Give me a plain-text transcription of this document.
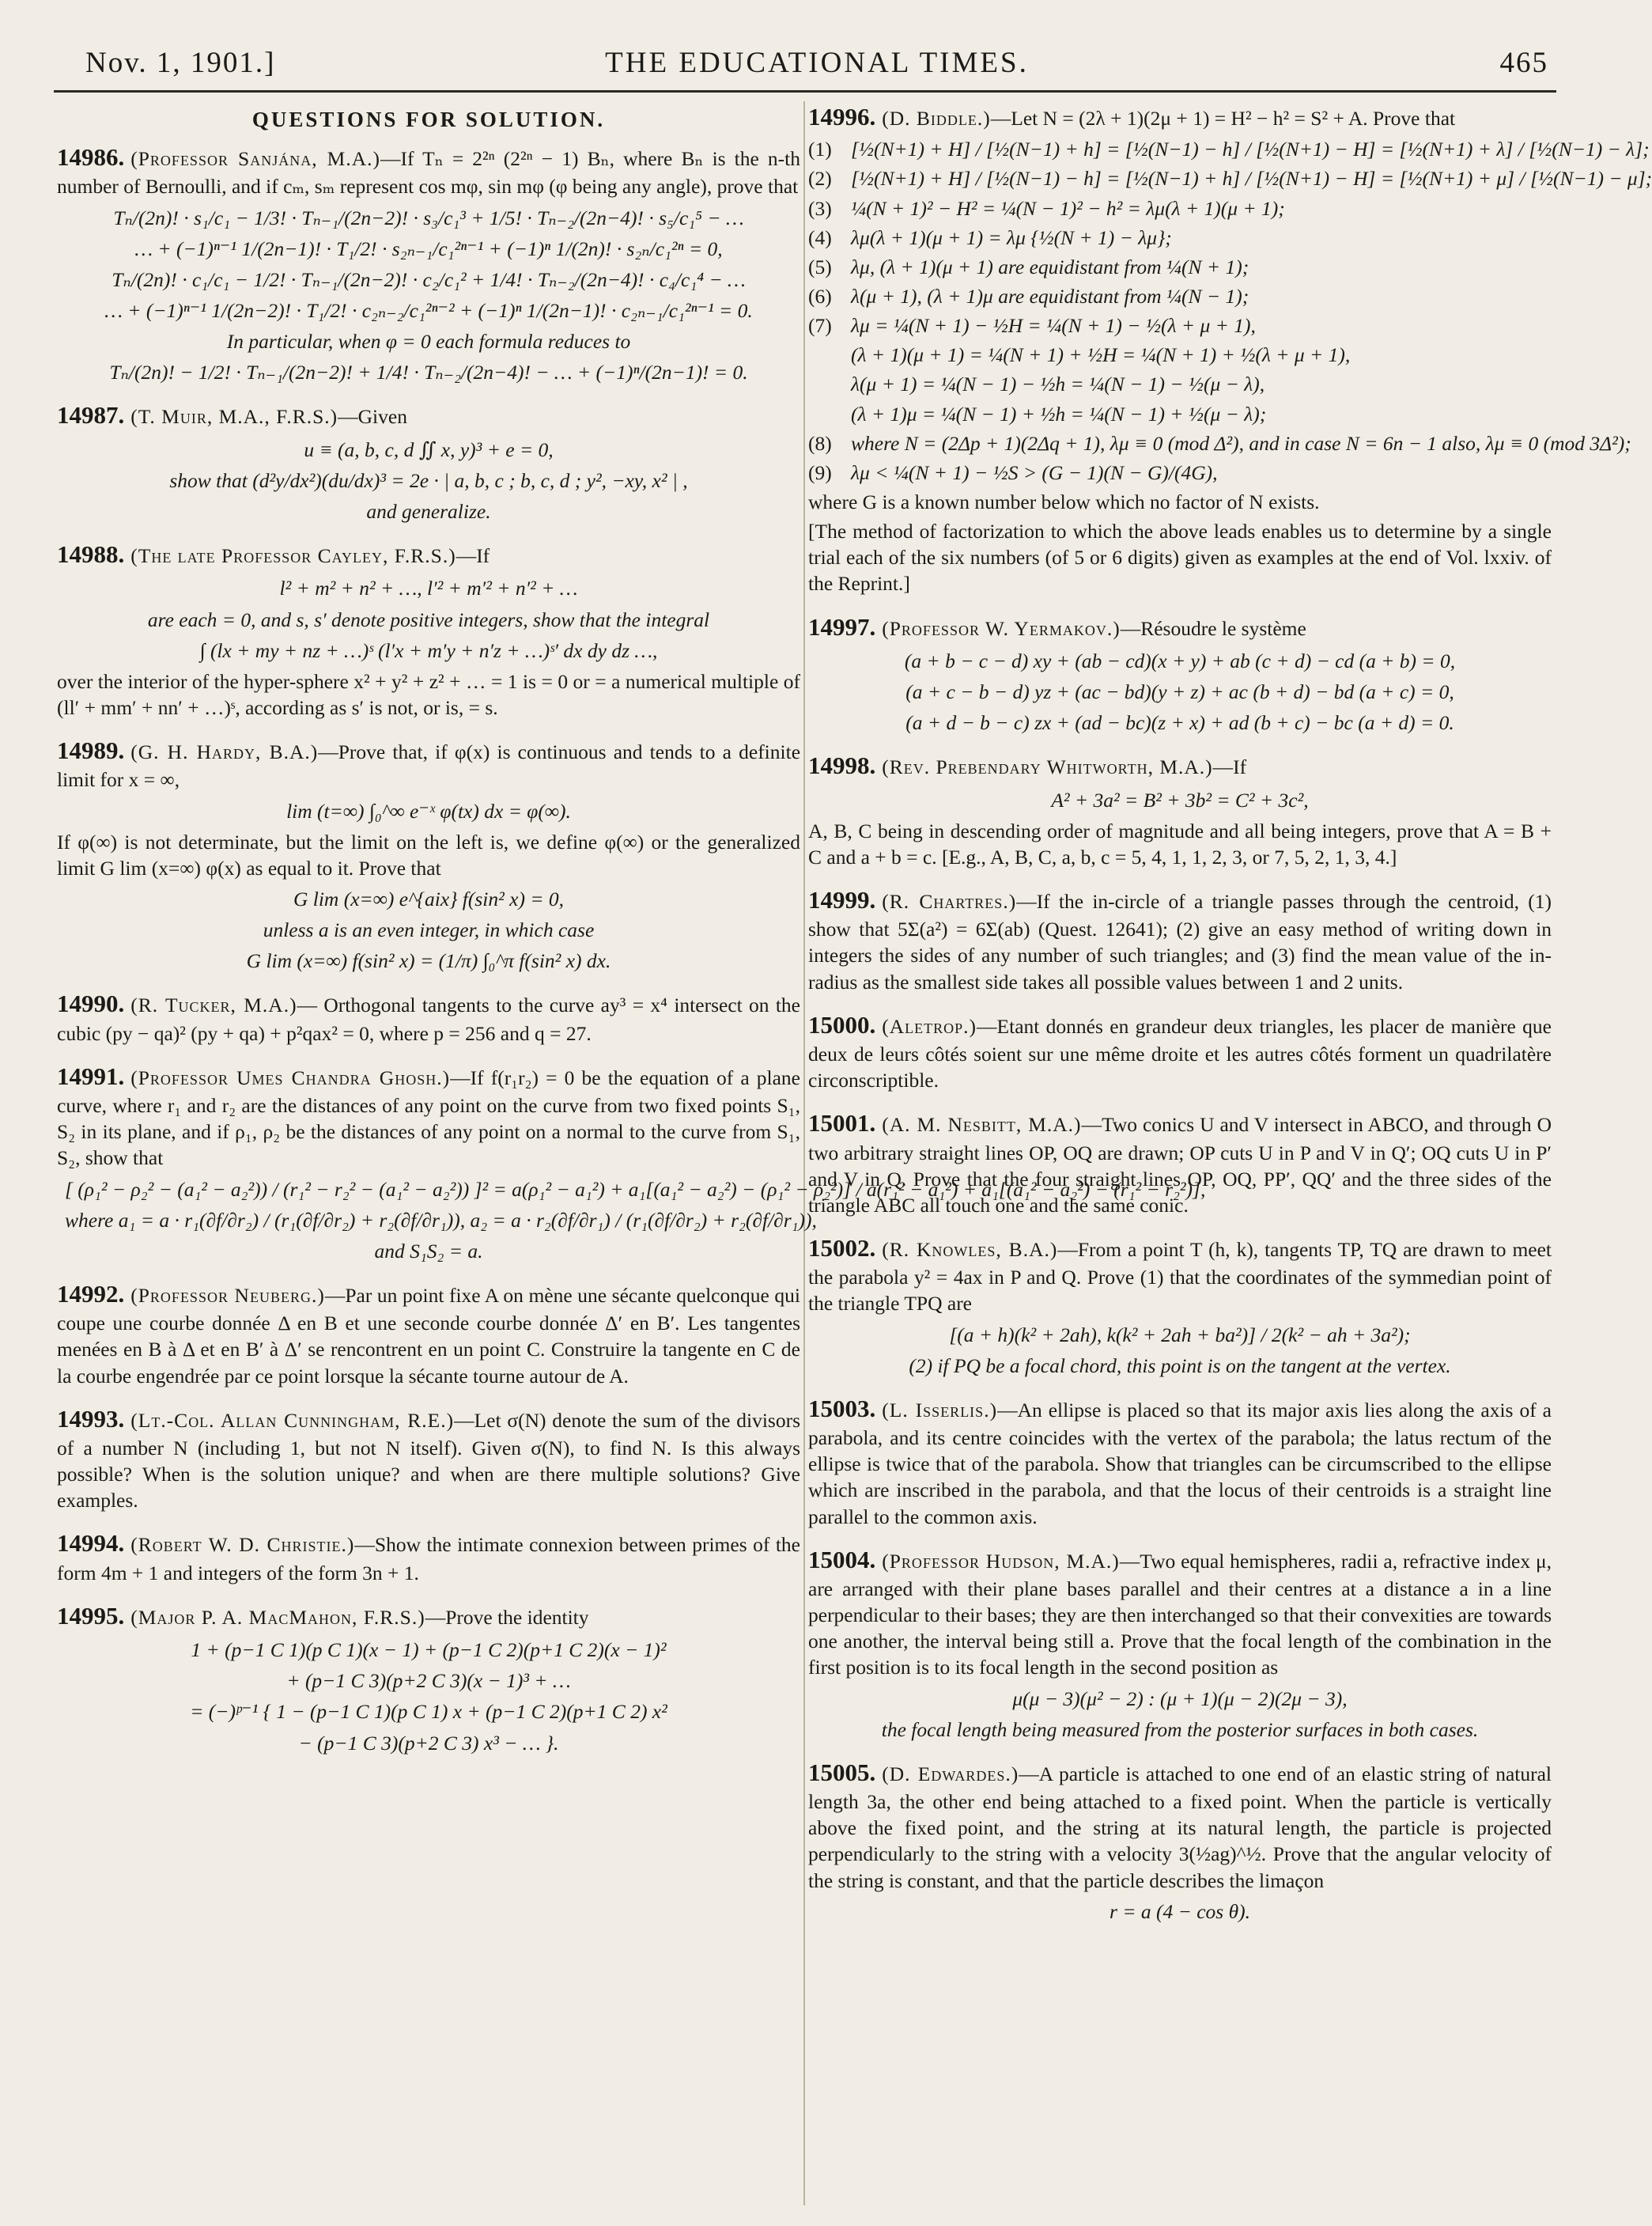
Nov. 1, 1901.]	THE EDUCATIONAL TIMES.	465
QUESTIONS FOR SOLUTION.
14986. (Professor Sanjána, M.A.)—If Tₙ = 2²ⁿ (2²ⁿ − 1) Bₙ, where Bₙ is the n-th number of Bernoulli, and if cₘ, sₘ represent cos mφ, sin mφ (φ being any angle), prove that
Tₙ/(2n)! · s₁/c₁ − 1/3! · Tₙ₋₁/(2n−2)! · s₃/c₁³ + 1/5! · Tₙ₋₂/(2n−4)! · s₅/c₁⁵ − …
… + (−1)ⁿ⁻¹ 1/(2n−1)! · T₁/2! · s₂ₙ₋₁/c₁²ⁿ⁻¹ + (−1)ⁿ 1/(2n)! · s₂ₙ/c₁²ⁿ = 0,
Tₙ/(2n)! · c₁/c₁ − 1/2! · Tₙ₋₁/(2n−2)! · c₂/c₁² + 1/4! · Tₙ₋₂/(2n−4)! · c₄/c₁⁴ − …
… + (−1)ⁿ⁻¹ 1/(2n−2)! · T₁/2! · c₂ₙ₋₂/c₁²ⁿ⁻² + (−1)ⁿ 1/(2n−1)! · c₂ₙ₋₁/c₁²ⁿ⁻¹ = 0.
In particular, when φ = 0 each formula reduces to
Tₙ/(2n)! − 1/2! · Tₙ₋₁/(2n−2)! + 1/4! · Tₙ₋₂/(2n−4)! − … + (−1)ⁿ/(2n−1)! = 0.
14987. (T. Muir, M.A., F.R.S.)—Given
u ≡ (a, b, c, d ∬ x, y)³ + e = 0,
show that (d²y/dx²)(du/dx)³ = 2e · | a, b, c ; b, c, d ; y², −xy, x² | ,
and generalize.
14988. (The late Professor Cayley, F.R.S.)—If
l² + m² + n² + …, l′² + m′² + n′² + …
are each = 0, and s, s′ denote positive integers, show that the integral
∫ (lx + my + nz + …)ˢ (l′x + m′y + n′z + …)ˢ′ dx dy dz …,
over the interior of the hyper-sphere x² + y² + z² + … = 1 is = 0 or = a numerical multiple of (ll′ + mm′ + nn′ + …)ˢ, according as s′ is not, or is, = s.
14989. (G. H. Hardy, B.A.)—Prove that, if φ(x) is continuous and tends to a definite limit for x = ∞,
lim (t=∞) ∫₀^∞ e⁻ˣ φ(tx) dx = φ(∞).
If φ(∞) is not determinate, but the limit on the left is, we define φ(∞) or the generalized limit G lim (x=∞) φ(x) as equal to it. Prove that
G lim (x=∞) e^{aix} f(sin² x) = 0,
unless a is an even integer, in which case
G lim (x=∞) f(sin² x) = (1/π) ∫₀^π f(sin² x) dx.
14990. (R. Tucker, M.A.)— Orthogonal tangents to the curve ay³ = x⁴ intersect on the cubic (py − qa)² (py + qa) + p²qax² = 0, where p = 256 and q = 27.
14991. (Professor Umes Chandra Ghosh.)—If f(r₁r₂) = 0 be the equation of a plane curve, where r₁ and r₂ are the distances of any point on the curve from two fixed points S₁, S₂ in its plane, and if ρ₁, ρ₂ be the distances of any point on a normal to the curve from S₁, S₂, show that
[ (ρ₁² − ρ₂² − (a₁² − a₂²)) / (r₁² − r₂² − (a₁² − a₂²)) ]² = a(ρ₁² − a₁²) + a₁[(a₁² − a₂²) − (ρ₁² − ρ₂²)] / a(r₁² − a₁²) + a₁[(a₁² − a₂²) − (r₁² − r₂²)],
where a₁ = a · r₁(∂f/∂r₂) / (r₁(∂f/∂r₂) + r₂(∂f/∂r₁)), a₂ = a · r₂(∂f/∂r₁) / (r₁(∂f/∂r₂) + r₂(∂f/∂r₁)),
and S₁S₂ = a.
14992. (Professor Neuberg.)—Par un point fixe A on mène une sécante quelconque qui coupe une courbe donnée Δ en B et une seconde courbe donnée Δ′ en B′. Les tangentes menées en B à Δ et en B′ à Δ′ se rencontrent en un point C. Construire la tangente en C de la courbe engendrée par ce point lorsque la sécante tourne autour de A.
14993. (Lt.-Col. Allan Cunningham, R.E.)—Let σ(N) denote the sum of the divisors of a number N (including 1, but not N itself). Given σ(N), to find N. Is this always possible? When is the solution unique? and when are there multiple solutions? Give examples.
14994. (Robert W. D. Christie.)—Show the intimate connexion between primes of the form 4m + 1 and integers of the form 3n + 1.
14995. (Major P. A. MacMahon, F.R.S.)—Prove the identity
1 + (p−1 C 1)(p C 1)(x − 1) + (p−1 C 2)(p+1 C 2)(x − 1)²
+ (p−1 C 3)(p+2 C 3)(x − 1)³ + …
= (−)ᵖ⁻¹ { 1 − (p−1 C 1)(p C 1) x + (p−1 C 2)(p+1 C 2) x²
− (p−1 C 3)(p+2 C 3) x³ − … }.
14996. (D. Biddle.)—Let N = (2λ + 1)(2μ + 1) = H² − h² = S² + A. Prove that
(1) [½(N+1) + H] / [½(N−1) + h] = [½(N−1) − h] / [½(N+1) − H] = [½(N+1) + λ] / [½(N−1) − λ];
(2) [½(N+1) + H] / [½(N−1) − h] = [½(N−1) + h] / [½(N+1) − H] = [½(N+1) + μ] / [½(N−1) − μ];
(3) ¼(N + 1)² − H² = ¼(N − 1)² − h² = λμ(λ + 1)(μ + 1);
(4) λμ(λ + 1)(μ + 1) = λμ {½(N + 1) − λμ};
(5) λμ, (λ + 1)(μ + 1) are equidistant from ¼(N + 1);
(6) λ(μ + 1), (λ + 1)μ are equidistant from ¼(N − 1);
(7) λμ = ¼(N + 1) − ½H = ¼(N + 1) − ½(λ + μ + 1),
(λ + 1)(μ + 1) = ¼(N + 1) + ½H = ¼(N + 1) + ½(λ + μ + 1),
λ(μ + 1) = ¼(N − 1) − ½h = ¼(N − 1) − ½(μ − λ),
(λ + 1)μ = ¼(N − 1) + ½h = ¼(N − 1) + ½(μ − λ);
(8) where N = (2Δp + 1)(2Δq + 1), λμ ≡ 0 (mod Δ²), and in case N = 6n − 1 also, λμ ≡ 0 (mod 3Δ²);
(9) λμ < ¼(N + 1) − ½S > (G − 1)(N − G)/(4G),
where G is a known number below which no factor of N exists.
[The method of factorization to which the above leads enables us to determine by a single trial each of the six numbers (of 5 or 6 digits) given as examples at the end of Vol. lxxiv. of the Reprint.]
14997. (Professor W. Yermakov.)—Résoudre le système
(a + b − c − d) xy + (ab − cd)(x + y) + ab (c + d) − cd (a + b) = 0,
(a + c − b − d) yz + (ac − bd)(y + z) + ac (b + d) − bd (a + c) = 0,
(a + d − b − c) zx + (ad − bc)(z + x) + ad (b + c) − bc (a + d) = 0.
14998. (Rev. Prebendary Whitworth, M.A.)—If
A² + 3a² = B² + 3b² = C² + 3c²,
A, B, C being in descending order of magnitude and all being integers, prove that A = B + C and a + b = c. [E.g., A, B, C, a, b, c = 5, 4, 1, 1, 2, 3, or 7, 5, 2, 1, 3, 4.]
14999. (R. Chartres.)—If the in-circle of a triangle passes through the centroid, (1) show that 5Σ(a²) = 6Σ(ab) (Quest. 12641); (2) give an easy method of writing down in integers the sides of any number of such triangles; and (3) find the mean value of the in-radius as the smallest side takes all possible values between 1 and 2 units.
15000. (Aletrop.)—Etant donnés en grandeur deux triangles, les placer de manière que deux de leurs côtés soient sur une même droite et les autres côtés forment un quadrilatère circonscriptible.
15001. (A. M. Nesbitt, M.A.)—Two conics U and V intersect in ABCO, and through O two arbitrary straight lines OP, OQ are drawn; OP cuts U in P and V in Q′; OQ cuts U in P′ and V in Q. Prove that the four straight lines OP, OQ, PP′, QQ′ and the three sides of the triangle ABC all touch one and the same conic.
15002. (R. Knowles, B.A.)—From a point T (h, k), tangents TP, TQ are drawn to meet the parabola y² = 4ax in P and Q. Prove (1) that the coordinates of the symmedian point of the triangle TPQ are
[(a + h)(k² + 2ah), k(k² + 2ah + ba²)] / 2(k² − ah + 3a²);
(2) if PQ be a focal chord, this point is on the tangent at the vertex.
15003. (L. Isserlis.)—An ellipse is placed so that its major axis lies along the axis of a parabola, and its centre coincides with the vertex of the parabola; the latus rectum of the ellipse is twice that of the parabola. Show that triangles can be circumscribed to the ellipse which are inscribed in the parabola, and that the locus of their centroids is a straight line parallel to the common axis.
15004. (Professor Hudson, M.A.)—Two equal hemispheres, radii a, refractive index μ, are arranged with their plane bases parallel and their centres at a distance a in a line perpendicular to their bases; they are then interchanged so that their convexities are towards one another, the interval being still a. Prove that the focal length of the combination in the first position is to its focal length in the second position as
μ(μ − 3)(μ² − 2) : (μ + 1)(μ − 2)(2μ − 3),
the focal length being measured from the posterior surfaces in both cases.
15005. (D. Edwardes.)—A particle is attached to one end of an elastic string of natural length 3a, the other end being attached to a fixed point. When the particle is vertically above the fixed point, and the string at its natural length, the particle is projected perpendicularly to the string with a velocity 3(½ag)^½. Prove that the angular velocity of the string is constant, and that the particle describes the limaçon
r = a (4 − cos θ).
